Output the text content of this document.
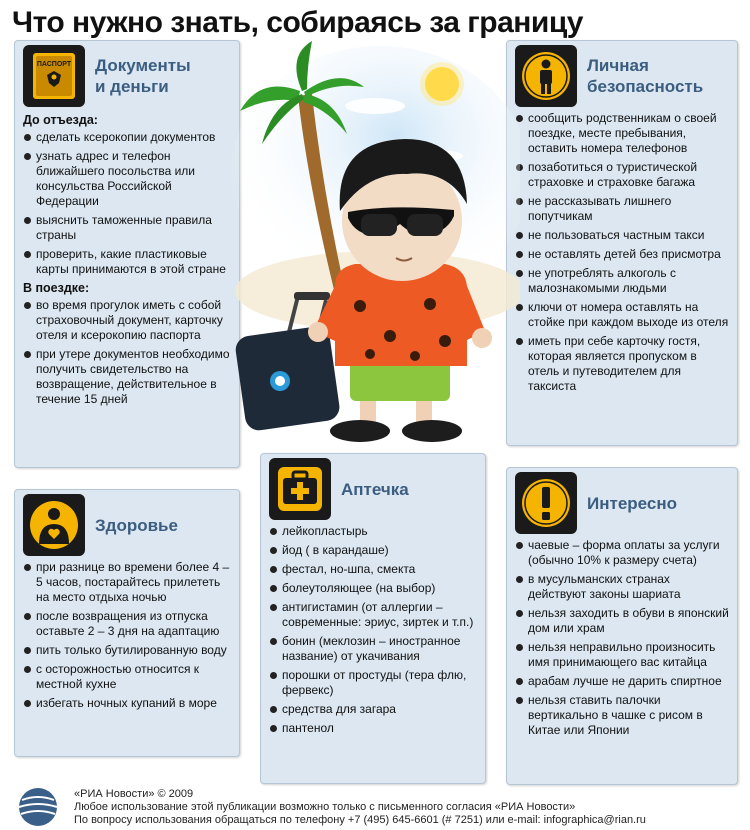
Что нужно знать, собираясь за границу
ПАСПОРТ Документы
и деньги
До отъезда:
сделать ксерокопии документов
узнать адрес и телефон ближайшего посольства или консульства Российской Федерации
выяснить таможенные правила страны
проверить, какие пластиковые карты принимаются в этой стране
В поездке:
во время прогулок иметь с собой страховочный документ, карточку отеля и ксерокопию паспорта
при утере документов необходимо получить свидетельство на возвращение, действительное в течение 15 дней
Личная
безопасность
сообщить родственникам о своей поездке, месте пребывания, оставить номера телефонов
позаботиться о туристической страховке и страховке багажа
не рассказывать лишнего попутчикам
не пользоваться частным такси
не оставлять детей без присмотра
не употреблять алкоголь с малознакомыми людьми
ключи от номера оставлять на стойке при каждом выходе из отеля
иметь при себе карточку гостя, которая является пропуском в отель и путеводителем для таксиста
Здоровье
при разнице во времени более 4 – 5 часов, постарайтесь прилететь на место отдыха ночью
после возвращения из отпуска оставьте 2 – 3 дня на адаптацию
пить только бутилированную воду
с осторожностью относится к местной кухне
избегать ночных купаний в море
Аптечка
лейкопластырь
йод ( в карандаше)
фестал, но-шпа, смекта
болеутоляющее (на выбор)
антигистамин (от аллергии – современные: эриус, зиртек и т.п.)
бонин (меклозин – иностранное название) от укачивания
порошки от простуды (тера флю, фервекс)
средства для загара
пантенол
Интересно
чаевые – форма оплаты за услуги (обычно 10% к размеру счета)
в мусульманских странах действуют законы шариата
нельзя заходить в обуви в японский дом или храм
нельзя неправильно произносить имя принимающего вас китайца
арабам лучше не дарить спиртное
нельзя ставить палочки вертикально в чашке с рисом в Китае или Японии
«РИА Новости» © 2009
Любое использование этой публикации возможно только с письменного согласия «РИА Новости»
По вопросу использования обращаться по телефону +7 (495) 645-6601 (# 7251) или e-mail: infographica@rian.ru
